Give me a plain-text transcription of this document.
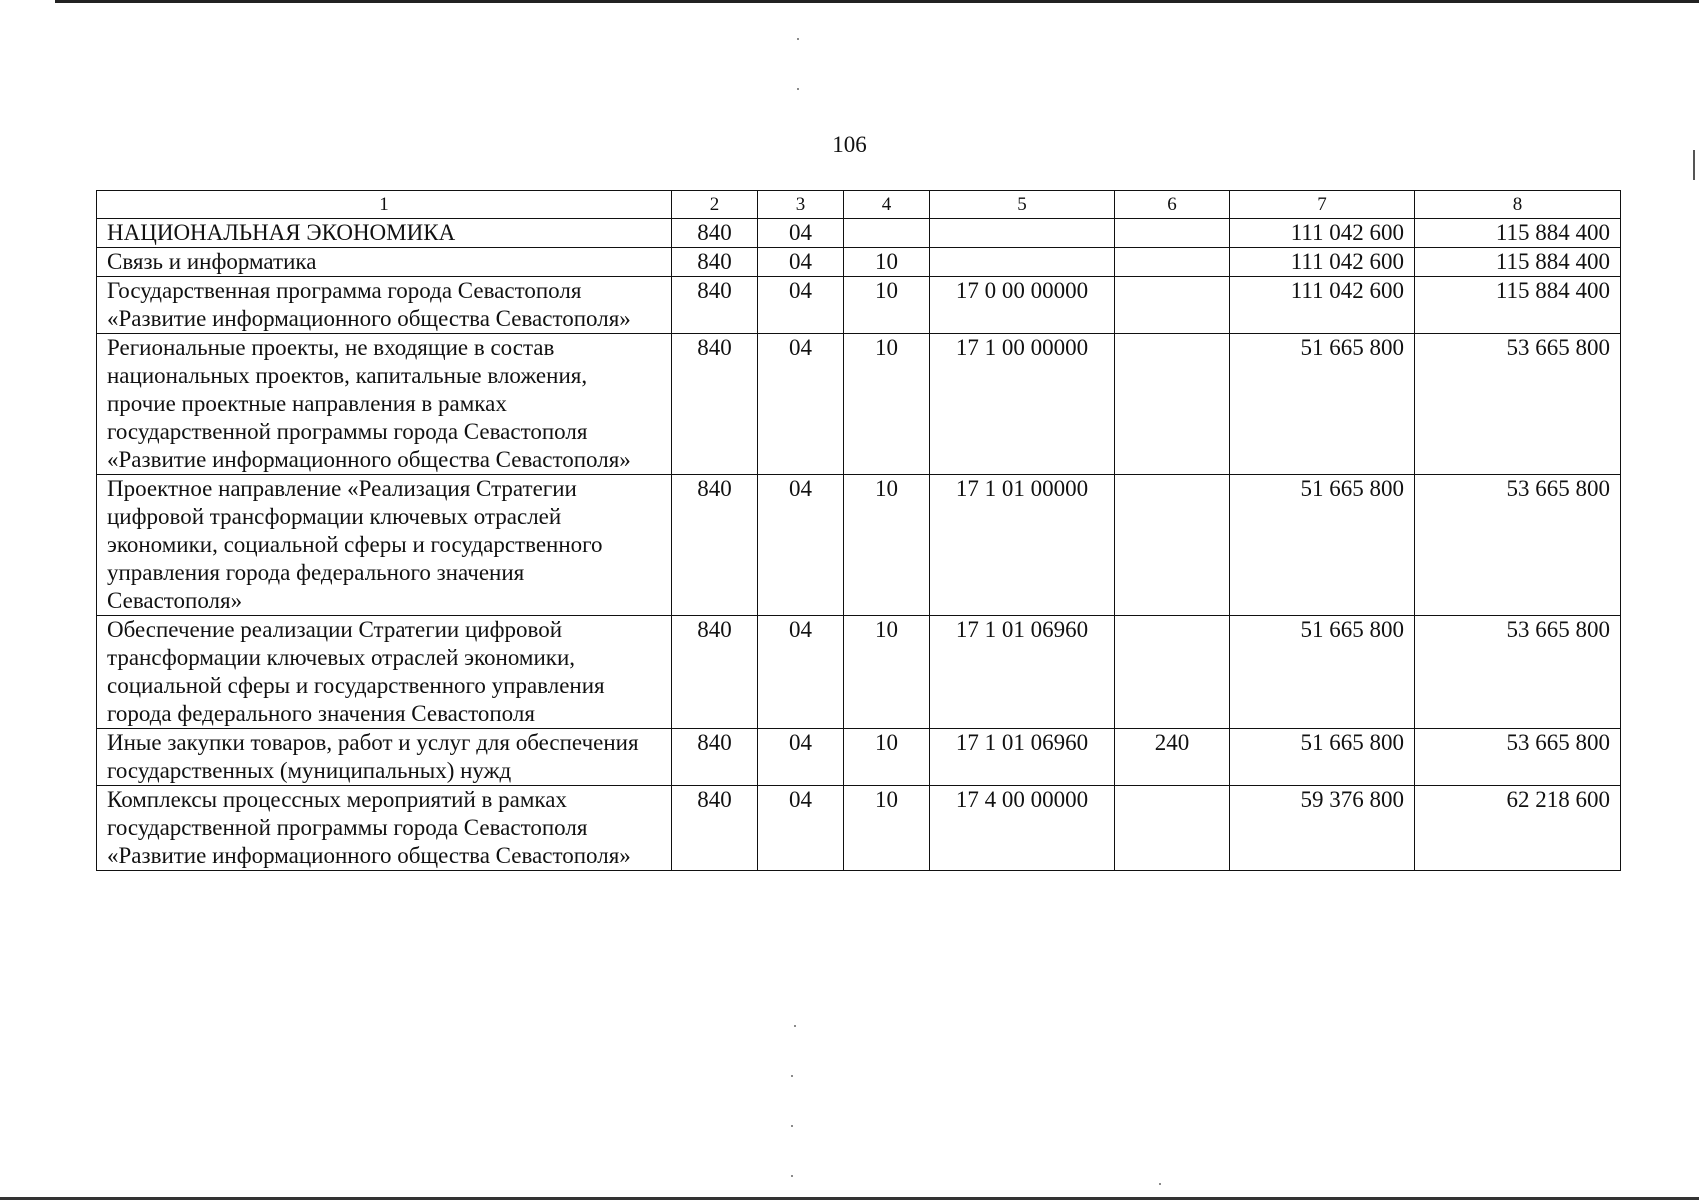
106
1	2	3	4	5	6	7	8
НАЦИОНАЛЬНАЯ ЭКОНОМИКА	840	04				111 042 600	115 884 400
Связь и информатика	840	04	10			111 042 600	115 884 400
Государственная программа города Севастополя «Развитие информационного общества Севастополя»	840	04	10	17 0 00 00000		111 042 600	115 884 400
Региональные проекты, не входящие в состав национальных проектов, капитальные вложения, прочие проектные направления в рамках государственной программы города Севастополя «Развитие информационного общества Севастополя»	840	04	10	17 1 00 00000		51 665 800	53 665 800
Проектное направление «Реализация Стратегии цифровой трансформации ключевых отраслей экономики, социальной сферы и государственного управления города федерального значения Севастополя»	840	04	10	17 1 01 00000		51 665 800	53 665 800
Обеспечение реализации Стратегии цифровой трансформации ключевых отраслей экономики, социальной сферы и государственного управления города федерального значения Севастополя	840	04	10	17 1 01 06960		51 665 800	53 665 800
Иные закупки товаров, работ и услуг для обеспечения государственных (муниципальных) нужд	840	04	10	17 1 01 06960	240	51 665 800	53 665 800
Комплексы процессных мероприятий в рамках государственной программы города Севастополя «Развитие информационного общества Севастополя»	840	04	10	17 4 00 00000		59 376 800	62 218 600
